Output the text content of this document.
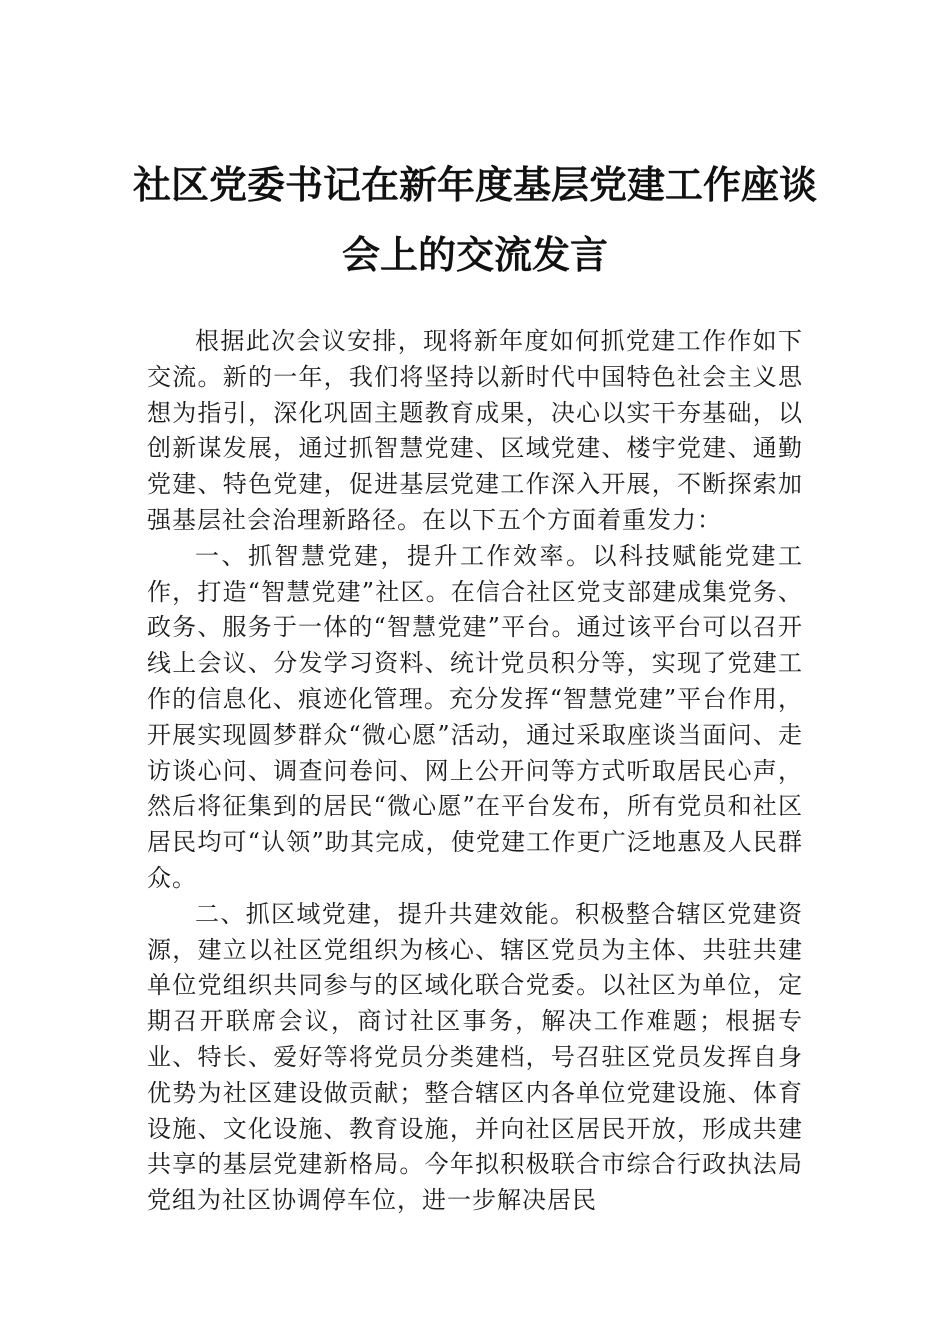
社区党委书记在新年度基层党建工作座谈
会上的交流发言

根据此次会议安排，现将新年度如何抓党建工作作如下交流。新的一年，我们将坚持以新时代中国特色社会主义思想为指引，深化巩固主题教育成果，决心以实干夯基础，以创新谋发展，通过抓智慧党建、区域党建、楼宇党建、通勤党建、特色党建，促进基层党建工作深入开展，不断探索加强基层社会治理新路径。在以下五个方面着重发力：

一、抓智慧党建，提升工作效率。以科技赋能党建工作，打造“智慧党建”社区。在信合社区党支部建成集党务、政务、服务于一体的“智慧党建”平台。通过该平台可以召开线上会议、分发学习资料、统计党员积分等，实现了党建工作的信息化、痕迹化管理。充分发挥“智慧党建”平台作用，开展实现圆梦群众“微心愿”活动，通过采取座谈当面问、走访谈心问、调查问卷问、网上公开问等方式听取居民心声，然后将征集到的居民“微心愿”在平台发布，所有党员和社区居民均可“认领”助其完成，使党建工作更广泛地惠及人民群众。

二、抓区域党建，提升共建效能。积极整合辖区党建资源，建立以社区党组织为核心、辖区党员为主体、共驻共建单位党组织共同参与的区域化联合党委。以社区为单位，定期召开联席会议，商讨社区事务，解决工作难题；根据专业、特长、爱好等将党员分类建档，号召驻区党员发挥自身优势为社区建设做贡献；整合辖区内各单位党建设施、体育设施、文化设施、教育设施，并向社区居民开放，形成共建共享的基层党建新格局。今年拟积极联合市综合行政执法局党组为社区协调停车位，进一步解决居民
